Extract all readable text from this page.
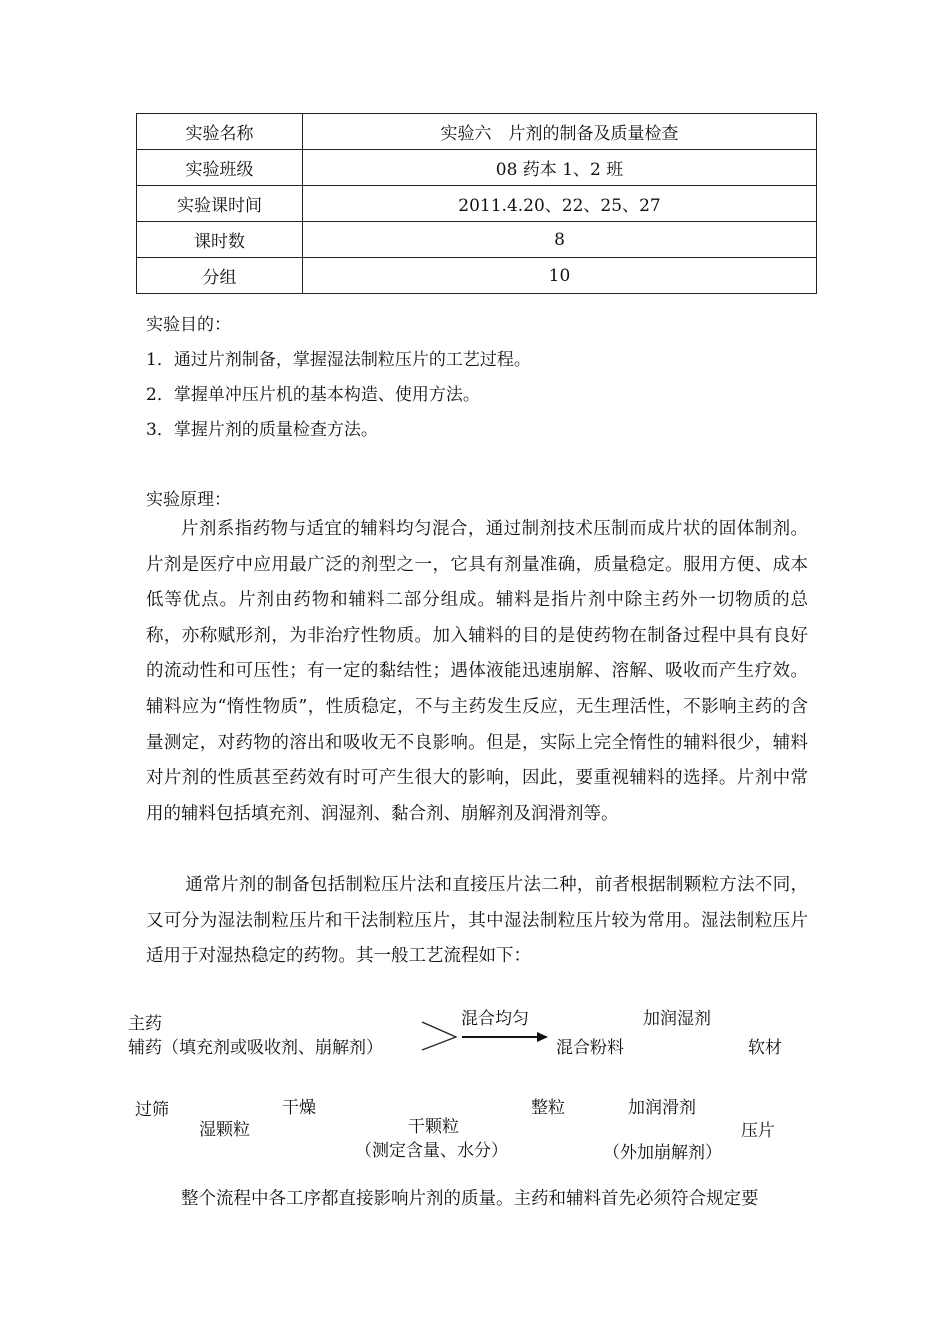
实验名称	实验六　片剂的制备及质量检查
实验班级	08 药本 1、2 班
实验课时间	2011.4.20、22、25、27
课时数	8
分组	10
实验目的：
1．通过片剂制备，掌握湿法制粒压片的工艺过程。
2．掌握单冲压片机的基本构造、使用方法。
3．掌握片剂的质量检查方法。
实验原理：

片剂系指药物与适宜的辅料均匀混合，通过制剂技术压制而成片状的固体制剂。片剂是医疗中应用最广泛的剂型之一，它具有剂量准确，质量稳定。服用方便、成本低等优点。片剂由药物和辅料二部分组成。辅料是指片剂中除主药外一切物质的总称，亦称赋形剂，为非治疗性物质。加入辅料的目的是使药物在制备过程中具有良好的流动性和可压性；有一定的黏结性；遇体液能迅速崩解、溶解、吸收而产生疗效。辅料应为“惰性物质”，性质稳定，不与主药发生反应，无生理活性，不影响主药的含量测定，对药物的溶出和吸收无不良影响。但是，实际上完全惰性的辅料很少，辅料对片剂的性质甚至药效有时可产生很大的影响，因此，要重视辅料的选择。片剂中常用的辅料包括填充剂、润湿剂、黏合剂、崩解剂及润滑剂等。

通常片剂的制备包括制粒压片法和直接压片法二种，前者根据制颗粒方法不同，又可分为湿法制粒压片和干法制粒压片，其中湿法制粒压片较为常用。湿法制粒压片适用于对湿热稳定的药物。其一般工艺流程如下：

主药
辅药（填充剂或吸收剂、崩解剂）
混合均匀
混合粉料
加润湿剂
软材
过筛
湿颗粒
干燥
干颗粒
（测定含量、水分）
整粒	加润滑剂
（外加崩解剂）
压片

整个流程中各工序都直接影响片剂的质量。主药和辅料首先必须符合规定要
